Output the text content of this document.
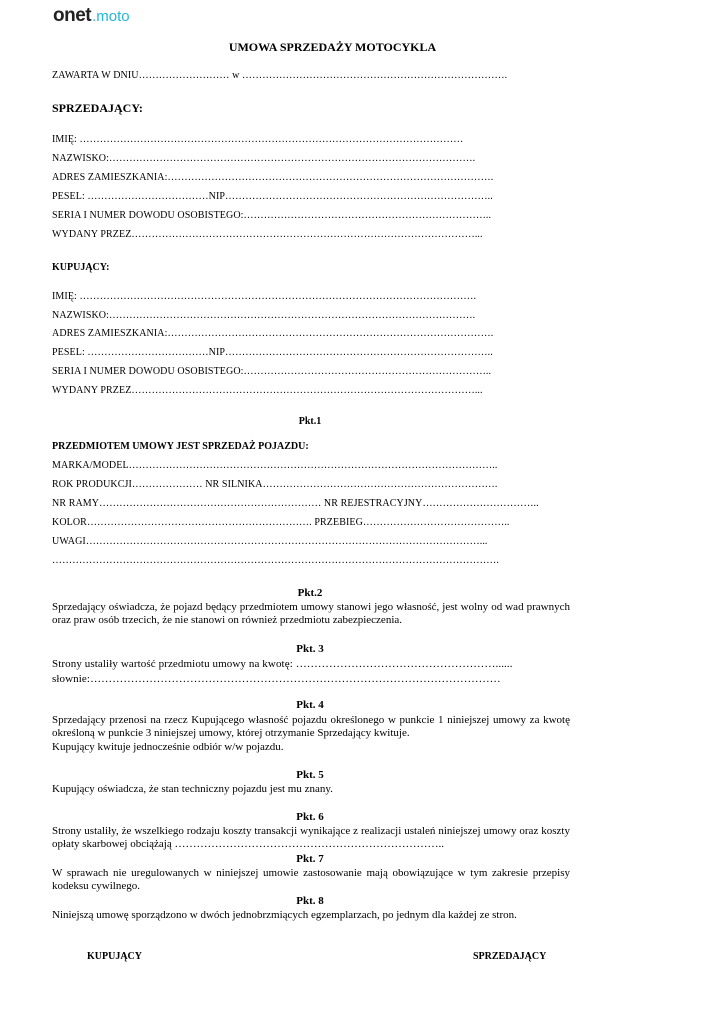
onet.moto
UMOWA SPRZEDAŻY MOTOCYKLA
ZAWARTA W DNIU……………………… w …………………………………………………………………….
SPRZEDAJĄCY:
IMIĘ: ……………………………………………………………………………………………………
NAZWISKO:……………………………………………………………………………………………….
ADRES ZAMIESZKANIA:…………………………………………………………………………………….
PESEL: ………………………………NIP……………………………………………………………………..
SERIA I NUMER DOWODU OSOBISTEGO:………………………………………………………………..
WYDANY PRZEZ…………………………………………………………………………………………...
KUPUJĄCY:
IMIĘ: ……………………………………………………………………………………………………….
NAZWISKO:……………………………………………………………………………………………….
ADRES ZAMIESZKANIA:…………………………………………………………………………………….
PESEL: ………………………………NIP……………………………………………………………………..
SERIA I NUMER DOWODU OSOBISTEGO:………………………………………………………………..
WYDANY PRZEZ…………………………………………………………………………………………...
Pkt.1
PRZEDMIOTEM UMOWY JEST SPRZEDAŻ POJAZDU:
MARKA/MODEL………………………………………………………………………………………………..
ROK PRODUKCJI………………… NR SILNIKA…………………………………………………………….
NR RAMY………………………………………………………… NR REJESTRACYJNY……………………………..
KOLOR…………………………………………………………. PRZEBIEG……………………………………..
UWAGI………………………………………………………………………………………………………...
…………………………………………………………………………………………………………………….
Pkt.2
Sprzedający oświadcza, że pojazd będący przedmiotem umowy stanowi jego własność, jest wolny od wad prawnych oraz praw osób trzecich, że nie stanowi on również przedmiotu zabezpieczenia.
Pkt. 3
Strony ustaliły wartość przedmiotu umowy na kwotę: ………………………………………………......
słownie:…………………………………………………………………………………………………
Pkt. 4
Sprzedający przenosi na rzecz Kupującego własność pojazdu określonego w punkcie 1 niniejszej umowy za kwotę określoną w punkcie 3 niniejszej umowy, której otrzymanie Sprzedający kwituje.
Kupujący kwituje jednocześnie odbiór w/w pojazdu.
Pkt. 5
Kupujący oświadcza, że stan techniczny pojazdu jest mu znany.
Pkt. 6
Strony ustaliły, że wszelkiego rodzaju koszty transakcji wynikające z realizacji ustaleń niniejszej umowy oraz koszty opłaty skarbowej obciążają ………………………………………………………………..
Pkt. 7
W sprawach nie uregulowanych w niniejszej umowie zastosowanie mają obowiązujące w tym zakresie przepisy kodeksu cywilnego.
Pkt. 8
Niniejszą umowę sporządzono w dwóch jednobrzmiących egzemplarzach, po jednym dla każdej ze stron.
KUPUJĄCY	SPRZEDAJĄCY
